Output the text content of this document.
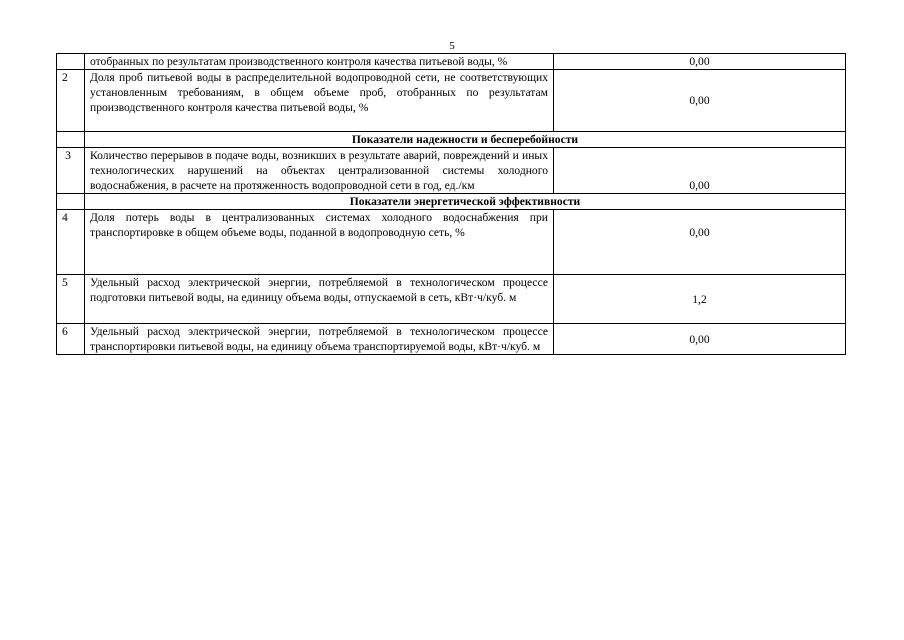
5
	отобранных по результатам производственного контроля качества питьевой воды, %	0,00
2	Доля проб питьевой воды в распределительной водопроводной сети, не соответствующих установленным требованиям, в общем объеме проб, отобранных по результатам производственного контроля качества питьевой воды, %	0,00
	Показатели надежности и бесперебойности	
3	Количество перерывов в подаче воды, возникших в результате аварий, повреждений и иных технологических нарушений на объектах централизованной системы холодного водоснабжения, в расчете на протяженность водопроводной сети в год, ед./км	0,00
	Показатели энергетической эффективности	
4	Доля потерь воды в централизованных системах холодного водоснабжения при транспортировке в общем объеме воды, поданной в водопроводную сеть, %	0,00
5	Удельный расход электрической энергии, потребляемой в технологическом процессе подготовки питьевой воды, на единицу объема воды, отпускаемой в сеть, кВт·ч/куб. м	1,2
6	Удельный расход электрической энергии, потребляемой в технологическом процессе транспортировки питьевой воды, на единицу объема транспортируемой воды, кВт·ч/куб. м	0,00
